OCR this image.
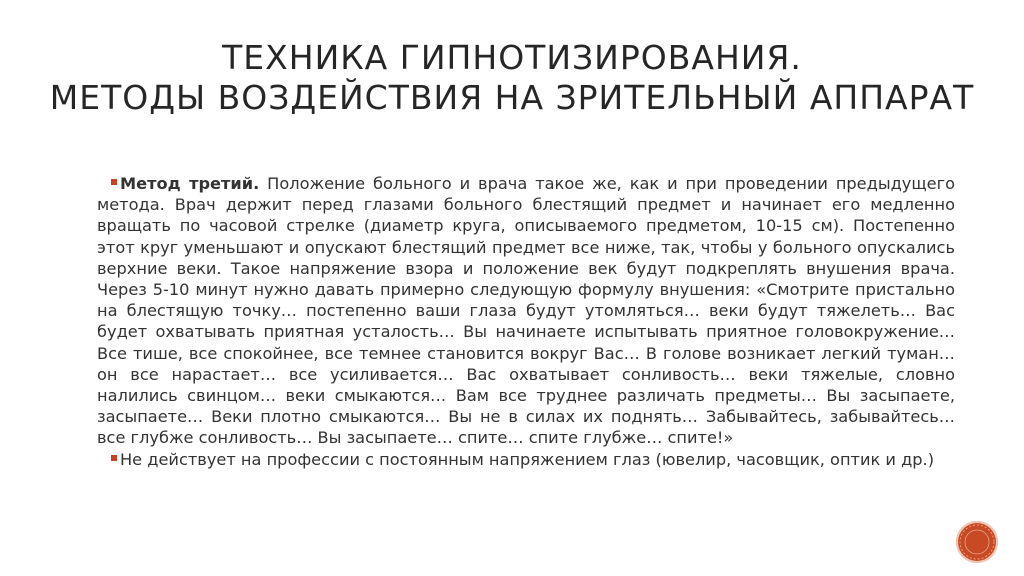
ТЕХНИКА ГИПНОТИЗИРОВАНИЯ.
МЕТОДЫ ВОЗДЕЙСТВИЯ НА ЗРИТЕЛЬНЫЙ АППАРАТ

Метод третий. Положение больного и врача такое же, как и при проведении предыдущего метода. Врач держит перед глазами больного блестящий предмет и начинает его медленно вращать по часовой стрелке (диаметр круга, описываемого предметом, 10-15 см). Постепенно этот круг уменьшают и опускают блестящий предмет все ниже, так, чтобы у больного опускались верхние веки. Такое напряжение взора и положение век будут подкреплять внушения врача. Через 5-10 минут нужно давать примерно следующую формулу внушения: «Смотрите пристально на блестящую точку… постепенно ваши глаза будут утомляться… веки будут тяжелеть… Вас будет охватывать приятная усталость… Вы начинаете испытывать приятное головокружение… Все тише, все спокойнее, все темнее становится вокруг Вас… В голове возникает легкий туман… он все нарастает… все усиливается… Вас охватывает сонливость… веки тяжелые, словно налились свинцом… веки смыкаются… Вам все труднее различать предметы… Вы засыпаете, засыпаете… Веки плотно смыкаются… Вы не в силах их поднять… Забывайтесь, забывайтесь… все глубже сонливость… Вы засыпаете… спите… спите глубже… спите!»

Не действует на профессии с постоянным напряжением глаз (ювелир, часовщик, оптик и др.)
